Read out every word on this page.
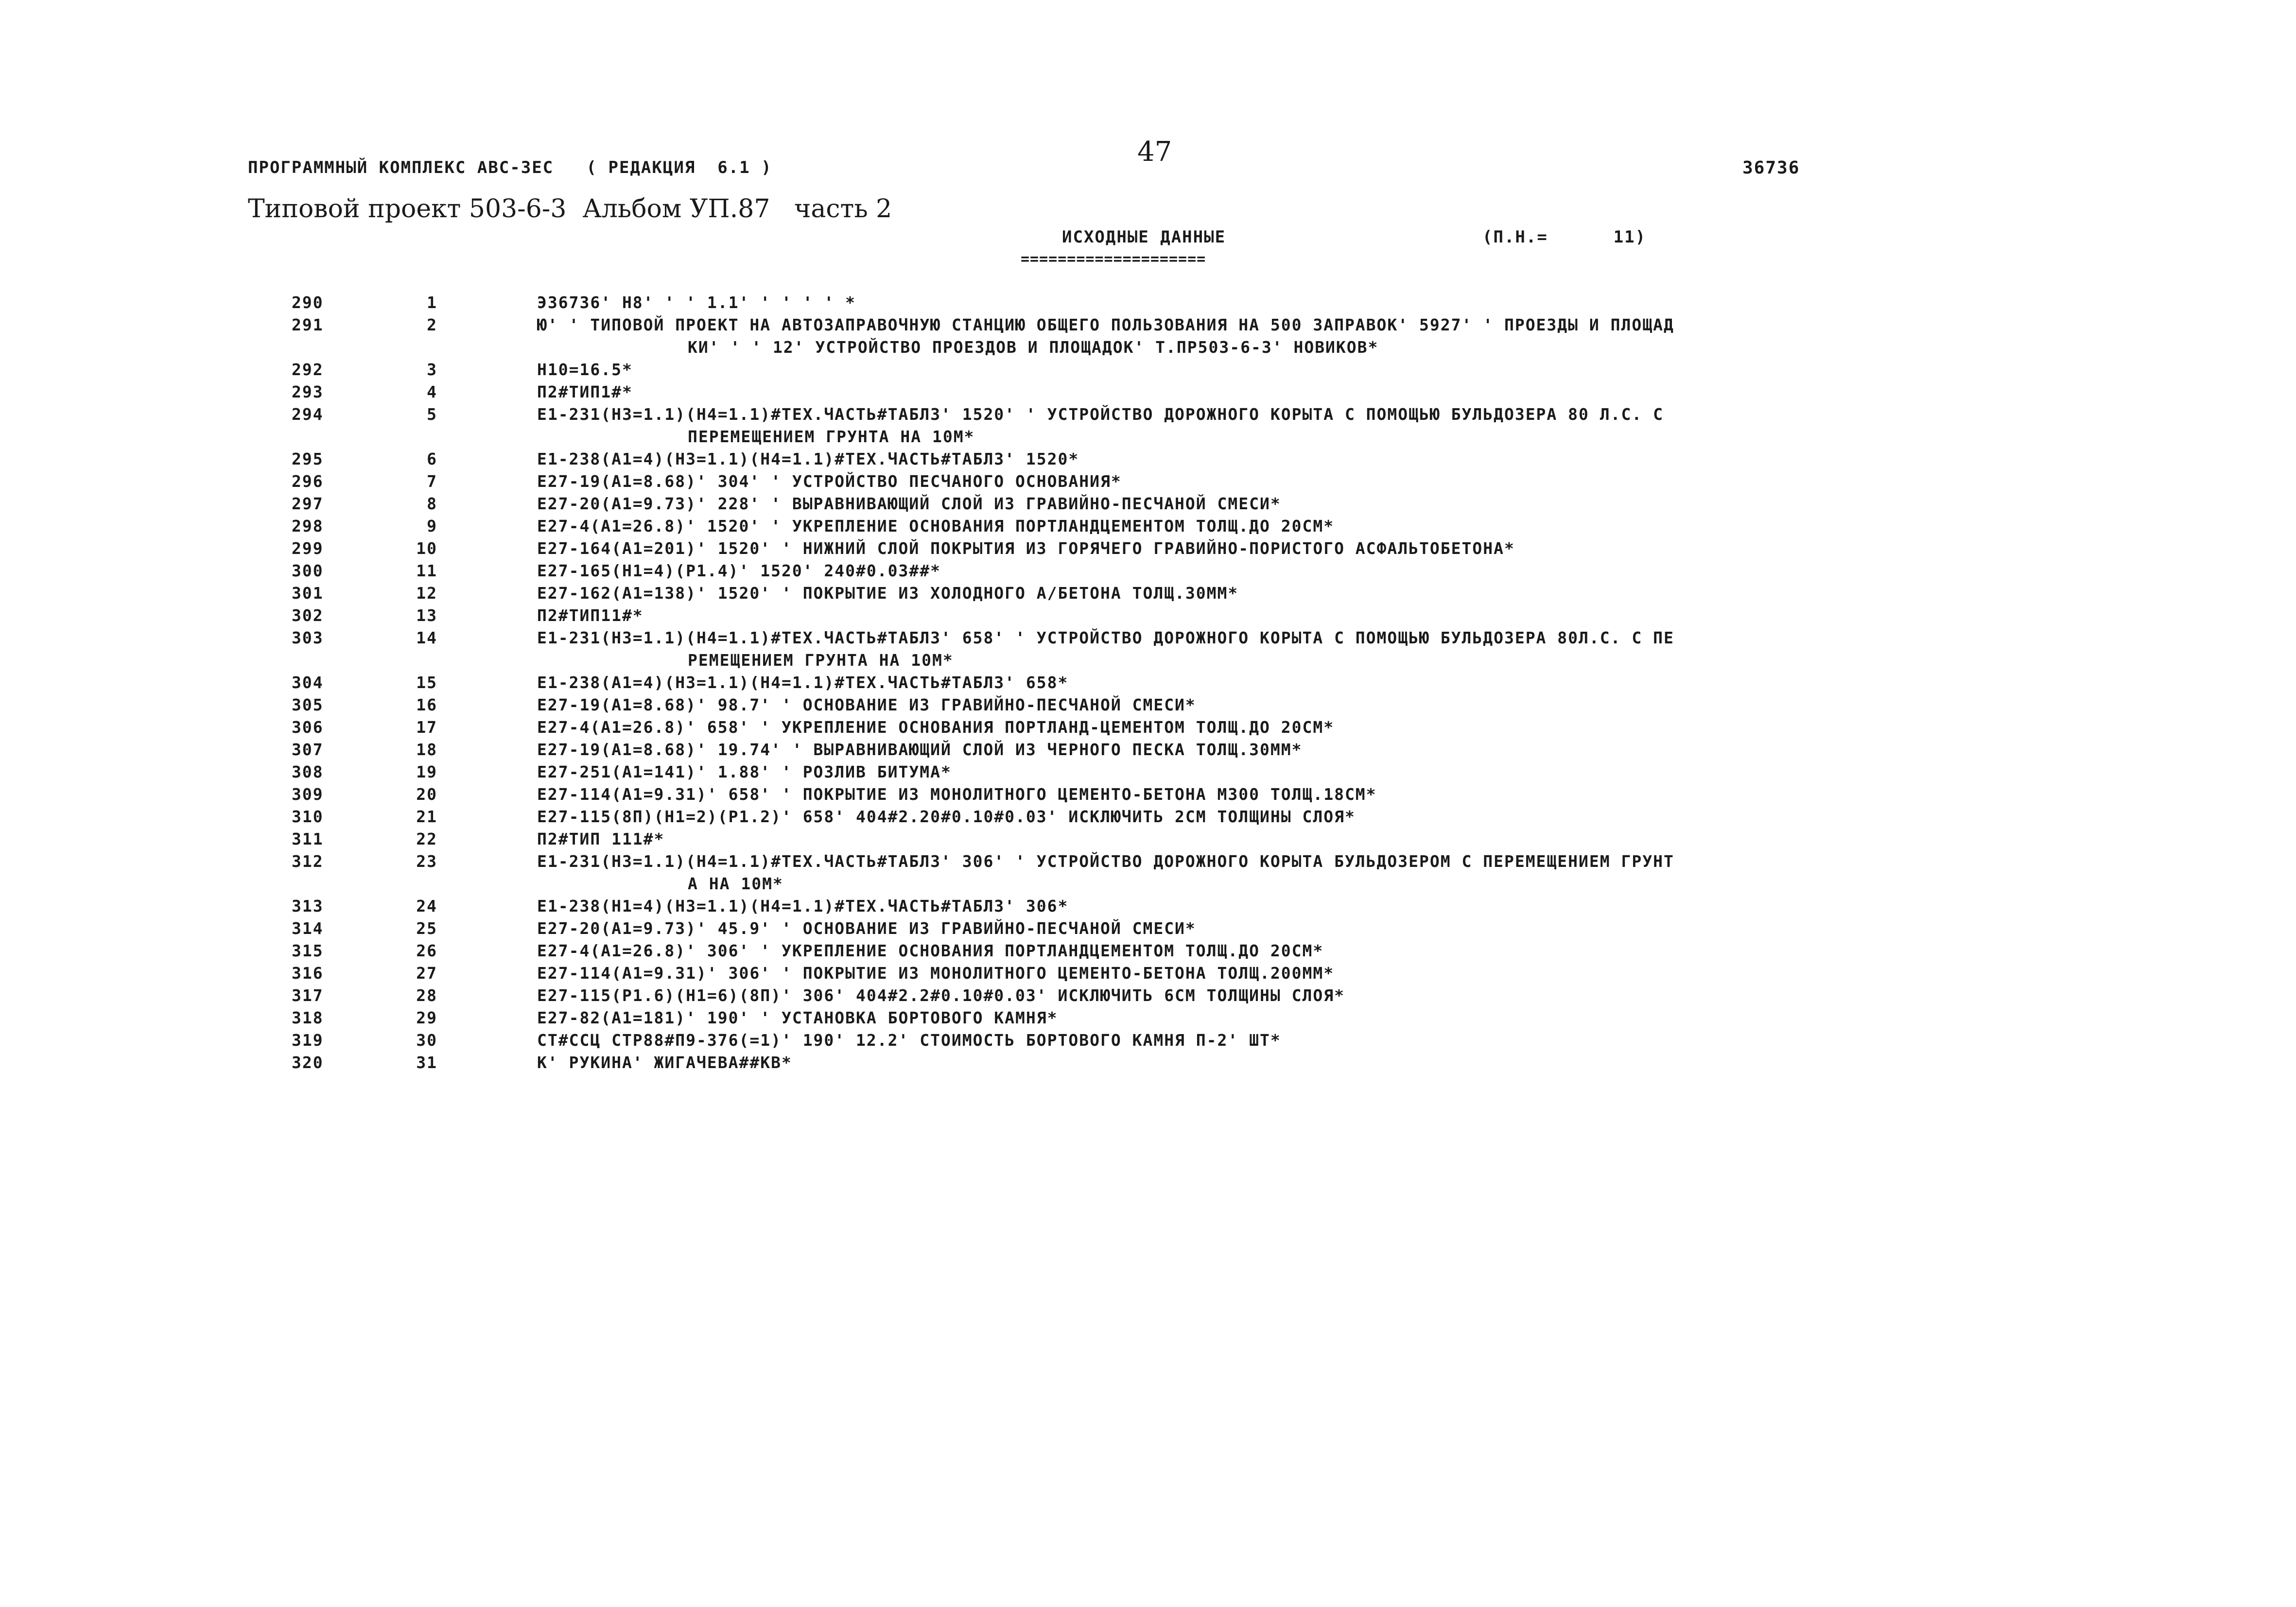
ПРОГРАММНЫЙ КОМПЛЕКС АВС-3ЕС   ( РЕДАКЦИЯ  6.1 )	47
36736
Типовой проект 503-6-3  Альбом УП.87   часть 2
ИСХОДНЫЕ ДАННЫЕ	(П.Н.=      11)
====================
290	1	Э36736' Н8' ' ' 1.1' ' ' ' ' *
291	2	Ю' ' ТИПОВОЙ ПРОЕКТ НА АВТОЗАПРАВОЧНУЮ СТАНЦИЮ ОБЩЕГО ПОЛЬЗОВАНИЯ НА 500 ЗАПРАВОК' 5927' ' ПРОЕЗДЫ И ПЛОЩАД
КИ' ' ' 12' УСТРОЙСТВО ПРОЕЗДОВ И ПЛОЩАДОК' Т.ПР503-6-3' НОВИКОВ*
292	3	Н10=16.5*
293	4	П2#ТИП1#*
294	5	Е1-231(Н3=1.1)(Н4=1.1)#ТЕХ.ЧАСТЬ#ТАБЛ3' 1520' ' УСТРОЙСТВО ДОРОЖНОГО КОРЫТА С ПОМОЩЬЮ БУЛЬДОЗЕРА 80 Л.С. С
ПЕРЕМЕЩЕНИЕМ ГРУНТА НА 10М*
295	6	Е1-238(А1=4)(Н3=1.1)(Н4=1.1)#ТЕХ.ЧАСТЬ#ТАБЛ3' 1520*
296	7	Е27-19(А1=8.68)' 304' ' УСТРОЙСТВО ПЕСЧАНОГО ОСНОВАНИЯ*
297	8	Е27-20(А1=9.73)' 228' ' ВЫРАВНИВАЮЩИЙ СЛОЙ ИЗ ГРАВИЙНО-ПЕСЧАНОЙ СМЕСИ*
298	9	Е27-4(А1=26.8)' 1520' ' УКРЕПЛЕНИЕ ОСНОВАНИЯ ПОРТЛАНДЦЕМЕНТОМ ТОЛЩ.ДО 20СМ*
299	10	Е27-164(А1=201)' 1520' ' НИЖНИЙ СЛОЙ ПОКРЫТИЯ ИЗ ГОРЯЧЕГО ГРАВИЙНО-ПОРИСТОГО АСФАЛЬТОБЕТОНА*
300	11	Е27-165(Н1=4)(Р1.4)' 1520' 240#0.03##*
301	12	Е27-162(А1=138)' 1520' ' ПОКРЫТИЕ ИЗ ХОЛОДНОГО А/БЕТОНА ТОЛЩ.30ММ*
302	13	П2#ТИП11#*
303	14	Е1-231(Н3=1.1)(Н4=1.1)#ТЕХ.ЧАСТЬ#ТАБЛ3' 658' ' УСТРОЙСТВО ДОРОЖНОГО КОРЫТА С ПОМОЩЬЮ БУЛЬДОЗЕРА 80Л.С. С ПЕ
РЕМЕЩЕНИЕМ ГРУНТА НА 10М*
304	15	Е1-238(А1=4)(Н3=1.1)(Н4=1.1)#ТЕХ.ЧАСТЬ#ТАБЛ3' 658*
305	16	Е27-19(А1=8.68)' 98.7' ' ОСНОВАНИЕ ИЗ ГРАВИЙНО-ПЕСЧАНОЙ СМЕСИ*
306	17	Е27-4(А1=26.8)' 658' ' УКРЕПЛЕНИЕ ОСНОВАНИЯ ПОРТЛАНД-ЦЕМЕНТОМ ТОЛЩ.ДО 20СМ*
307	18	Е27-19(А1=8.68)' 19.74' ' ВЫРАВНИВАЮЩИЙ СЛОЙ ИЗ ЧЕРНОГО ПЕСКА ТОЛЩ.30ММ*
308	19	Е27-251(А1=141)' 1.88' ' РОЗЛИВ БИТУМА*
309	20	Е27-114(А1=9.31)' 658' ' ПОКРЫТИЕ ИЗ МОНОЛИТНОГО ЦЕМЕНТО-БЕТОНА М300 ТОЛЩ.18СМ*
310	21	Е27-115(8П)(Н1=2)(Р1.2)' 658' 404#2.20#0.10#0.03' ИСКЛЮЧИТЬ 2СМ ТОЛЩИНЫ СЛОЯ*
311	22	П2#ТИП 111#*
312	23	Е1-231(Н3=1.1)(Н4=1.1)#ТЕХ.ЧАСТЬ#ТАБЛ3' 306' ' УСТРОЙСТВО ДОРОЖНОГО КОРЫТА БУЛЬДОЗЕРОМ С ПЕРЕМЕЩЕНИЕМ ГРУНТ
А НА 10М*
313	24	Е1-238(Н1=4)(Н3=1.1)(Н4=1.1)#ТЕХ.ЧАСТЬ#ТАБЛ3' 306*
314	25	Е27-20(А1=9.73)' 45.9' ' ОСНОВАНИЕ ИЗ ГРАВИЙНО-ПЕСЧАНОЙ СМЕСИ*
315	26	Е27-4(А1=26.8)' 306' ' УКРЕПЛЕНИЕ ОСНОВАНИЯ ПОРТЛАНДЦЕМЕНТОМ ТОЛЩ.ДО 20СМ*
316	27	Е27-114(А1=9.31)' 306' ' ПОКРЫТИЕ ИЗ МОНОЛИТНОГО ЦЕМЕНТО-БЕТОНА ТОЛЩ.200ММ*
317	28	Е27-115(Р1.6)(Н1=6)(8П)' 306' 404#2.2#0.10#0.03' ИСКЛЮЧИТЬ 6СМ ТОЛЩИНЫ СЛОЯ*
318	29	Е27-82(А1=181)' 190' ' УСТАНОВКА БОРТОВОГО КАМНЯ*
319	30	СТ#ССЦ СТР88#П9-376(=1)' 190' 12.2' СТОИМОСТЬ БОРТОВОГО КАМНЯ П-2' ШТ*
320	31	К' РУКИНА' ЖИГАЧЕВА##КВ*
